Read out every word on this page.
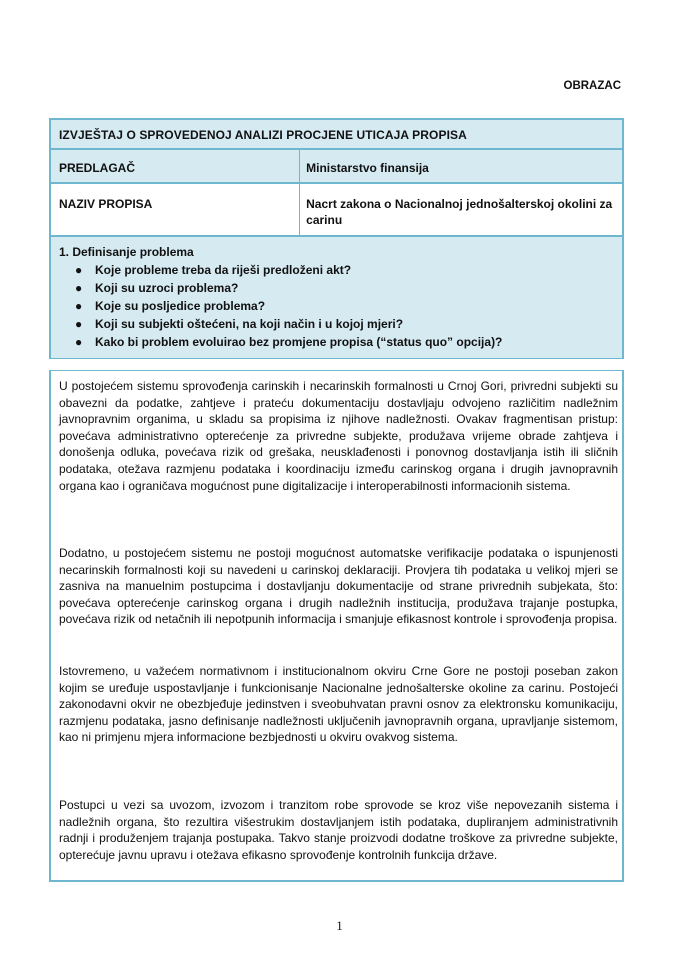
OBRAZAC
IZVJEŠTAJ O SPROVEDENOJ ANALIZI PROCJENE UTICAJA PROPISA
PREDLAGAČ	Ministarstvo finansija
NAZIV PROPISA	Nacrt zakona o Nacionalnoj jednošalterskoj okolini za carinu
1. Definisanje problema
● Koje probleme treba da riješi predloženi akt?
● Koji su uzroci problema?
● Koje su posljedice problema?
● Koji su subjekti oštećeni, na koji način i u kojoj mjeri?
● Kako bi problem evoluirao bez promjene propisa (“status quo” opcija)?
U postojećem sistemu sprovođenja carinskih i necarinskih formalnosti u Crnoj Gori, privredni subjekti su obavezni da podatke, zahtjeve i prateću dokumentaciju dostavljaju odvojeno različitim nadležnim javnopravnim organima, u skladu sa propisima iz njihove nadležnosti. Ovakav fragmentisan pristup: povećava administrativno opterećenje za privredne subjekte, produžava vrijeme obrade zahtjeva i donošenja odluka, povećava rizik od grešaka, neusklađenosti i ponovnog dostavljanja istih ili sličnih podataka, otežava razmjenu podataka i koordinaciju između carinskog organa i drugih javnopravnih organa kao i ograničava mogućnost pune digitalizacije i interoperabilnosti informacionih sistema.
Dodatno, u postojećem sistemu ne postoji mogućnost automatske verifikacije podataka o ispunjenosti necarinskih formalnosti koji su navedeni u carinskoj deklaraciji. Provjera tih podataka u velikoj mjeri se zasniva na manuelnim postupcima i dostavljanju dokumentacije od strane privrednih subjekata, što: povećava opterećenje carinskog organa i drugih nadležnih institucija, produžava trajanje postupka, povećava rizik od netačnih ili nepotpunih informacija i smanjuje efikasnost kontrole i sprovođenja propisa.
Istovremeno, u važećem normativnom i institucionalnom okviru Crne Gore ne postoji poseban zakon kojim se uređuje uspostavljanje i funkcionisanje Nacionalne jednošalterske okoline za carinu. Postojeći zakonodavni okvir ne obezbjeđuje jedinstven i sveobuhvatan pravni osnov za elektronsku komunikaciju, razmjenu podataka, jasno definisanje nadležnosti uključenih javnopravnih organa, upravljanje sistemom, kao ni primjenu mjera informacione bezbjednosti u okviru ovakvog sistema.
Postupci u vezi sa uvozom, izvozom i tranzitom robe sprovode se kroz više nepovezanih sistema i nadležnih organa, što rezultira višestrukim dostavljanjem istih podataka, dupliranjem administrativnih radnji i produženjem trajanja postupaka. Takvo stanje proizvodi dodatne troškove za privredne subjekte, opterećuje javnu upravu i otežava efikasno sprovođenje kontrolnih funkcija države.
1
